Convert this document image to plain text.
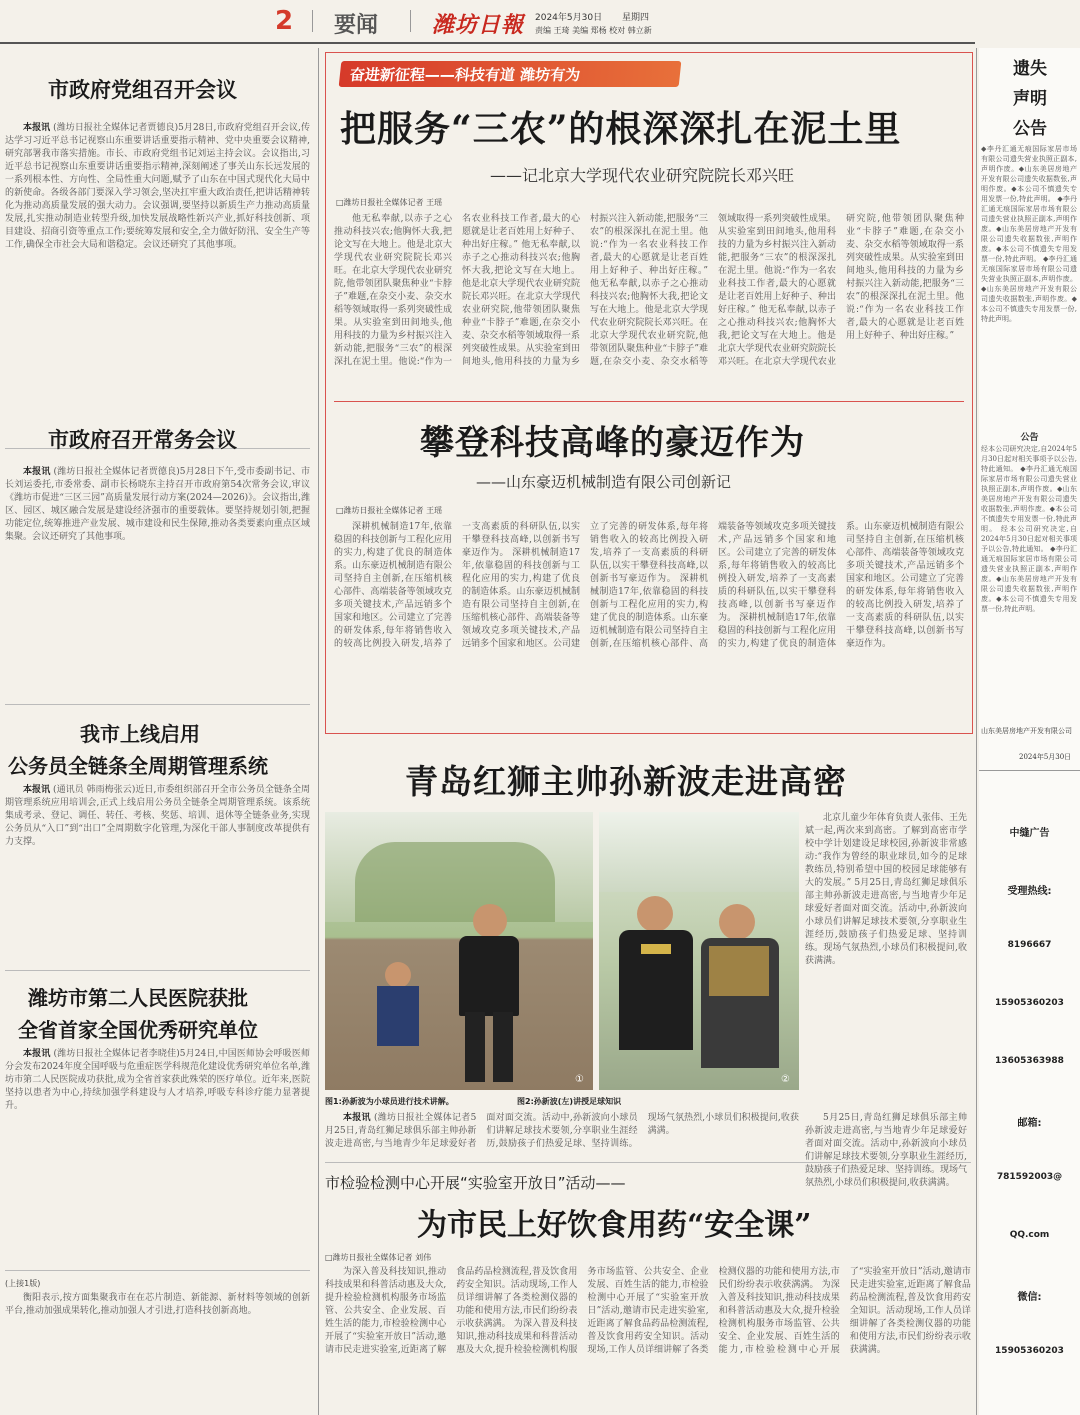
2 要闻 潍坊日報 2024年5月30日 星期四
责编 王琦 美编 郑杨 校对 韩立新
市政府党组召开会议

本报讯 (潍坊日报社全媒体记者贾德良)5月28日,市政府党组召开会议,传达学习习近平总书记视察山东重要讲话重要指示精神、党中央重要会议精神,研究部署我市落实措施。市长、市政府党组书记刘运主持会议。会议指出,习近平总书记视察山东重要讲话重要指示精神,深刻阐述了事关山东长远发展的一系列根本性、方向性、全局性重大问题,赋予了山东在中国式现代化大局中的新使命。各级各部门要深入学习领会,坚决扛牢重大政治责任,把讲话精神转化为推动高质量发展的强大动力。会议强调,要坚持以新质生产力推动高质量发展,扎实推动制造业转型升级,加快发展战略性新兴产业,抓好科技创新、项目建设、招商引资等重点工作;要统筹发展和安全,全力做好防汛、安全生产等工作,确保全市社会大局和谐稳定。会议还研究了其他事项。

市政府召开常务会议

本报讯 (潍坊日报社全媒体记者贾德良)5月28日下午,受市委副书记、市长刘运委托,市委常委、副市长杨晓东主持召开市政府第54次常务会议,审议《潍坊市促进“三区三园”高质量发展行动方案(2024—2026)》。会议指出,潍区、园区、城区融合发展是建设经济强市的重要载体。要坚持规划引领,把握功能定位,统筹推进产业发展、城市建设和民生保障,推动各类要素向重点区域集聚。会议还研究了其他事项。

我市上线启用
公务员全链条全周期管理系统

本报讯 (通讯员 韩雨梅张云)近日,市委组织部召开全市公务员全链条全周期管理系统应用培训会,正式上线启用公务员全链条全周期管理系统。该系统集成考录、登记、调任、转任、考核、奖惩、培训、退休等全链条业务,实现公务员从“入口”到“出口”全周期数字化管理,为深化干部人事制度改革提供有力支撑。

潍坊市第二人民医院获批
全省首家全国优秀研究单位

本报讯 (潍坊日报社全媒体记者李晓佳)5月24日,中国医师协会呼吸医师分会发布2024年度全国呼吸与危重症医学科规范化建设优秀研究单位名单,潍坊市第二人民医院成功获批,成为全省首家获此殊荣的医疗单位。近年来,医院坚持以患者为中心,持续加强学科建设与人才培养,呼吸专科诊疗能力显著提升。

(上接1版)

衡阳表示,按方面集聚我市在在芯片制造、新能源、新材料等领域的创新平台,推动加强成果转化,推动加强人才引进,打造科技创新高地。

奋进新征程——科技有道 潍坊有为
把服务“三农”的根深深扎在泥土里
——记北京大学现代农业研究院院长邓兴旺
□潍坊日报社全媒体记者 王瑶

他无私奉献,以赤子之心推动科技兴农;他胸怀大我,把论文写在大地上。他是北京大学现代农业研究院院长邓兴旺。在北京大学现代农业研究院,他带领团队聚焦种业“卡脖子”难题,在杂交小麦、杂交水稻等领域取得一系列突破性成果。从实验室到田间地头,他用科技的力量为乡村振兴注入新动能,把服务“三农”的根深深扎在泥土里。他说:“作为一名农业科技工作者,最大的心愿就是让老百姓用上好种子、种出好庄稼。” 他无私奉献,以赤子之心推动科技兴农;他胸怀大我,把论文写在大地上。他是北京大学现代农业研究院院长邓兴旺。在北京大学现代农业研究院,他带领团队聚焦种业“卡脖子”难题,在杂交小麦、杂交水稻等领域取得一系列突破性成果。从实验室到田间地头,他用科技的力量为乡村振兴注入新动能,把服务“三农”的根深深扎在泥土里。他说:“作为一名农业科技工作者,最大的心愿就是让老百姓用上好种子、种出好庄稼。” 他无私奉献,以赤子之心推动科技兴农;他胸怀大我,把论文写在大地上。他是北京大学现代农业研究院院长邓兴旺。在北京大学现代农业研究院,他带领团队聚焦种业“卡脖子”难题,在杂交小麦、杂交水稻等领域取得一系列突破性成果。从实验室到田间地头,他用科技的力量为乡村振兴注入新动能,把服务“三农”的根深深扎在泥土里。他说:“作为一名农业科技工作者,最大的心愿就是让老百姓用上好种子、种出好庄稼。” 他无私奉献,以赤子之心推动科技兴农;他胸怀大我,把论文写在大地上。他是北京大学现代农业研究院院长邓兴旺。在北京大学现代农业研究院,他带领团队聚焦种业“卡脖子”难题,在杂交小麦、杂交水稻等领域取得一系列突破性成果。从实验室到田间地头,他用科技的力量为乡村振兴注入新动能,把服务“三农”的根深深扎在泥土里。他说:“作为一名农业科技工作者,最大的心愿就是让老百姓用上好种子、种出好庄稼。”

攀登科技高峰的豪迈作为
——山东豪迈机械制造有限公司创新记
□潍坊日报社全媒体记者 王瑶

深耕机械制造17年,依靠稳固的科技创新与工程化应用的实力,构建了优良的制造体系。山东豪迈机械制造有限公司坚持自主创新,在压缩机核心部件、高端装备等领域攻克多项关键技术,产品远销多个国家和地区。公司建立了完善的研发体系,每年将销售收入的较高比例投入研发,培养了一支高素质的科研队伍,以实干攀登科技高峰,以创新书写豪迈作为。 深耕机械制造17年,依靠稳固的科技创新与工程化应用的实力,构建了优良的制造体系。山东豪迈机械制造有限公司坚持自主创新,在压缩机核心部件、高端装备等领域攻克多项关键技术,产品远销多个国家和地区。公司建立了完善的研发体系,每年将销售收入的较高比例投入研发,培养了一支高素质的科研队伍,以实干攀登科技高峰,以创新书写豪迈作为。 深耕机械制造17年,依靠稳固的科技创新与工程化应用的实力,构建了优良的制造体系。山东豪迈机械制造有限公司坚持自主创新,在压缩机核心部件、高端装备等领域攻克多项关键技术,产品远销多个国家和地区。公司建立了完善的研发体系,每年将销售收入的较高比例投入研发,培养了一支高素质的科研队伍,以实干攀登科技高峰,以创新书写豪迈作为。 深耕机械制造17年,依靠稳固的科技创新与工程化应用的实力,构建了优良的制造体系。山东豪迈机械制造有限公司坚持自主创新,在压缩机核心部件、高端装备等领域攻克多项关键技术,产品远销多个国家和地区。公司建立了完善的研发体系,每年将销售收入的较高比例投入研发,培养了一支高素质的科研队伍,以实干攀登科技高峰,以创新书写豪迈作为。

青岛红狮主帅孙新波走进高密
①	②
图1:孙新波为小球员进行技术讲解。	图2:孙新波(左)讲授足球知识

北京儿童少年体育负责人张伟、王先斌一起,两次来到高密。了解到高密市学校中学计划建设足球校园,孙新波非常感动:“我作为曾经的职业球员,如今的足球教练员,特别希望中国的校园足球能够有大的发展。” 5月25日,青岛红狮足球俱乐部主帅孙新波走进高密,与当地青少年足球爱好者面对面交流。活动中,孙新波向小球员们讲解足球技术要领,分享职业生涯经历,鼓励孩子们热爱足球、坚持训练。现场气氛热烈,小球员们积极提问,收获满满。

本报讯 (潍坊日报社全媒体记者5月25日,青岛红狮足球俱乐部主帅孙新波走进高密,与当地青少年足球爱好者面对面交流。活动中,孙新波向小球员们讲解足球技术要领,分享职业生涯经历,鼓励孩子们热爱足球、坚持训练。现场气氛热烈,小球员们积极提问,收获满满。

5月25日,青岛红狮足球俱乐部主帅孙新波走进高密,与当地青少年足球爱好者面对面交流。活动中,孙新波向小球员们讲解足球技术要领,分享职业生涯经历,鼓励孩子们热爱足球、坚持训练。现场气氛热烈,小球员们积极提问,收获满满。

市检验检测中心开展“实验室开放日”活动——
为市民上好饮食用药“安全课”
□潍坊日报社全媒体记者 刘伟

为深入普及科技知识,推动科技成果和科普活动惠及大众,提升检验检测机构服务市场监管、公共安全、企业发展、百姓生活的能力,市检验检测中心开展了“实验室开放日”活动,邀请市民走进实验室,近距离了解食品药品检测流程,普及饮食用药安全知识。活动现场,工作人员详细讲解了各类检测仪器的功能和使用方法,市民们纷纷表示收获满满。 为深入普及科技知识,推动科技成果和科普活动惠及大众,提升检验检测机构服务市场监管、公共安全、企业发展、百姓生活的能力,市检验检测中心开展了“实验室开放日”活动,邀请市民走进实验室,近距离了解食品药品检测流程,普及饮食用药安全知识。活动现场,工作人员详细讲解了各类检测仪器的功能和使用方法,市民们纷纷表示收获满满。 为深入普及科技知识,推动科技成果和科普活动惠及大众,提升检验检测机构服务市场监管、公共安全、企业发展、百姓生活的能力,市检验检测中心开展了“实验室开放日”活动,邀请市民走进实验室,近距离了解食品药品检测流程,普及饮食用药安全知识。活动现场,工作人员详细讲解了各类检测仪器的功能和使用方法,市民们纷纷表示收获满满。

遗失
声明
公告
◆李丹汇通无痕国际家居市场有限公司遗失营业执照正副本,声明作废。◆山东美居房地产开发有限公司遗失收据数张,声明作废。◆本公司不慎遗失专用发票一份,特此声明。 ◆李丹汇通无痕国际家居市场有限公司遗失营业执照正副本,声明作废。◆山东美居房地产开发有限公司遗失收据数张,声明作废。◆本公司不慎遗失专用发票一份,特此声明。 ◆李丹汇通无痕国际家居市场有限公司遗失营业执照正副本,声明作废。◆山东美居房地产开发有限公司遗失收据数张,声明作废。◆本公司不慎遗失专用发票一份,特此声明。
公告
经本公司研究决定,自2024年5月30日起对相关事项予以公告,特此通知。 ◆李丹汇通无痕国际家居市场有限公司遗失营业执照正副本,声明作废。◆山东美居房地产开发有限公司遗失收据数张,声明作废。◆本公司不慎遗失专用发票一份,特此声明。 经本公司研究决定,自2024年5月30日起对相关事项予以公告,特此通知。 ◆李丹汇通无痕国际家居市场有限公司遗失营业执照正副本,声明作废。◆山东美居房地产开发有限公司遗失收据数张,声明作废。◆本公司不慎遗失专用发票一份,特此声明。
山东美居房地产开发有限公司
2024年5月30日
中缝广告
受理热线:
8196667
15905360203
13605363988
邮箱:
781592003@
QQ.com
微信:
15905360203
